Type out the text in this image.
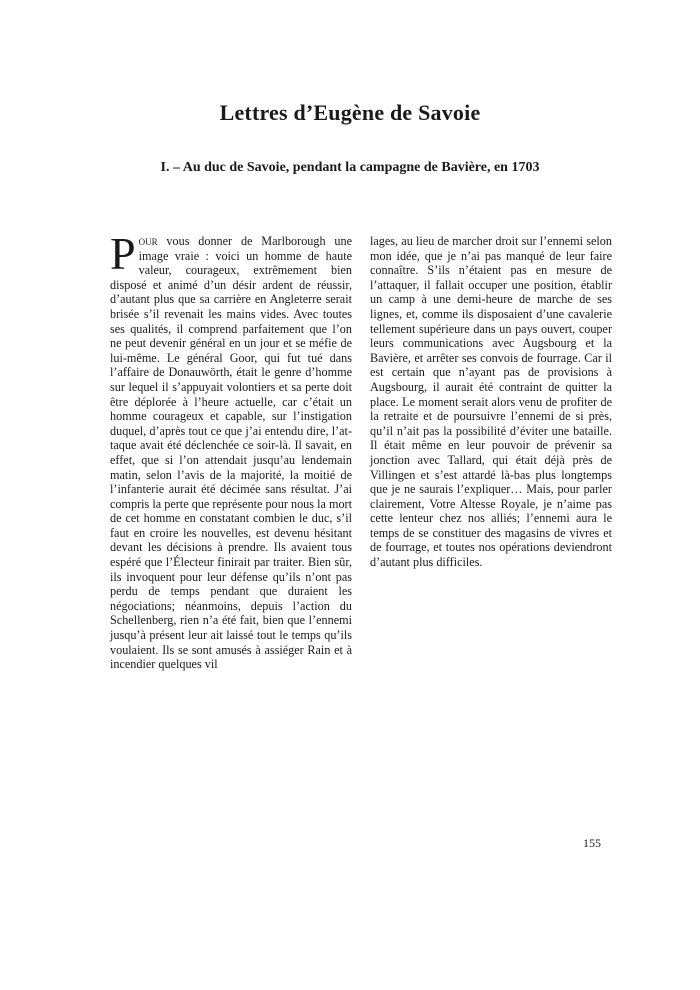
Lettres d’Eugène de Savoie
I. – Au duc de Savoie, pendant la campagne de Bavière, en 1703

Pour vous donner de Marlborough une image vraie : voici un homme de haute valeur, courageux, extrêmement bien disposé et animé d’un désir ardent de réussir, d’autant plus que sa carrière en Angleterre serait brisée s’il revenait les mains vides. Avec toutes ses qualités, il comprend parfaitement que l’on ne peut devenir général en un jour et se méfie de lui-même. Le général Goor, qui fut tué dans l’affaire de Donauwörth, était le genre d’homme sur lequel il s’appuyait volontiers et sa perte doit être déplorée à l’heure actuelle, car c’était un homme courageux et capable, sur l’instigation duquel, d’après tout ce que j’ai entendu dire, l’attaque avait été déclenchée ce soir-là. Il savait, en effet, que si l’on attendait jusqu’au lendemain matin, selon l’avis de la majorité, la moitié de l’infanterie aurait été décimée sans résultat. J’ai compris la perte que représente pour nous la mort de cet homme en constatant combien le duc, s’il faut en croire les nouvelles, est devenu hésitant devant les décisions à prendre. Ils avaient tous espéré que l’Électeur finirait par traiter. Bien sûr, ils invoquent pour leur défense qu’ils n’ont pas perdu de temps pendant que duraient les négociations; néanmoins, depuis l’action du Schellenberg, rien n’a été fait, bien que l’ennemi jusqu’à présent leur ait laissé tout le temps qu’ils voulaient. Ils se sont amusés à assiéger Rain et à incendier quelques vil

lages, au lieu de marcher droit sur l’ennemi selon mon idée, que je n’ai pas manqué de leur faire connaître. S’ils n’étaient pas en mesure de l’attaquer, il fallait occuper une position, établir un camp à une demi-heure de marche de ses lignes, et, comme ils disposaient d’une cavalerie tellement supérieure dans un pays ouvert, couper leurs communications avec Augsbourg et la Bavière, et arrêter ses convois de fourrage. Car il est certain que n’ayant pas de provisions à Augsbourg, il aurait été contraint de quitter la place. Le moment serait alors venu de profiter de la retraite et de poursuivre l’ennemi de si près, qu’il n’ait pas la possibilité d’éviter une bataille. Il était même en leur pouvoir de prévenir sa jonction avec Tallard, qui était déjà près de Villingen et s’est attardé là-bas plus longtemps que je ne saurais l’expliquer… Mais, pour parler clairement, Votre Altesse Royale, je n’aime pas cette lenteur chez nos alliés; l’ennemi aura le temps de se constituer des magasins de vivres et de fourrage, et toutes nos opérations deviendront d’autant plus difficiles.

155
